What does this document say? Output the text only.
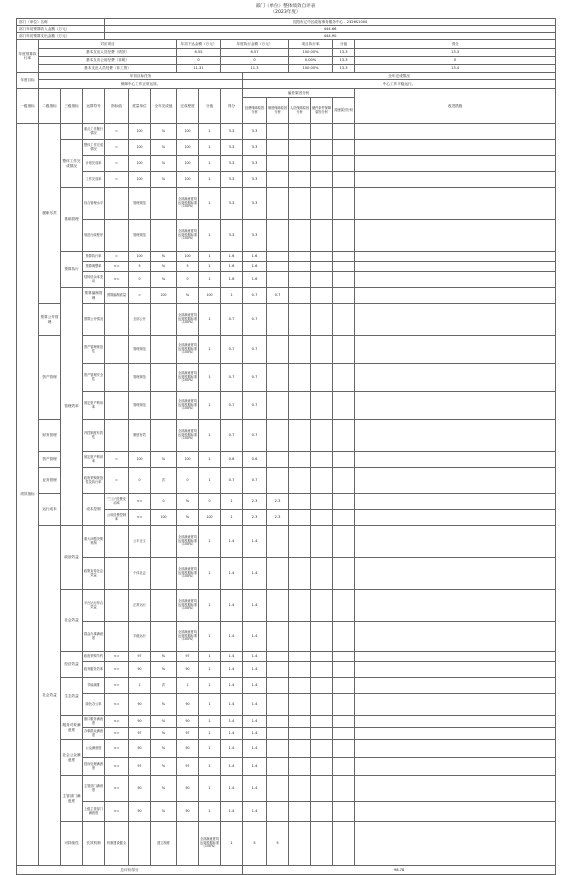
部门（单位）整体绩效自评表
（2023年度）
部门（单位）名称				沈阳市辽中区政府事务服务中心 - 2326S1000												
部门年初预算收入金额（万元）				444.66												
部门年初预算支出金额（万元）				444.90												
年度预算执行率	对应项目						年初下达金额（万元）		年度执行金额（万元）			项目执行率		分值	得分	
	基本支出人员经费（绩效）						6.55		6.57			100.00%		13.3	13.3	
	基本支出公用经费（非税）						0		0			0.00%		13.3	0	
	基本支出人员经费（非工资）						11.31		11.3			100.00%		13.3	13.4	
年度目标	年初目标任务									全年完成情况						
	保障中心工作正常运转。									中心工作平稳运行。						
一级指标	二级指标	三级指标	运算符号	指标值	度量单位	全年完成值	完成程度	分值	得分	偏差原因分析					改进措施	
										经费保障原因分析	制度保障原因分析	人员保障原因分析	硬件条件保障原因分析	其他原因分析		
绩效指标	履职尽责		重点工作履行情况	=	100	%	100	1	3.3	3.3						
		整体工作完成情况	整体工作完成情况	=	100	%	100	1	3.3	3.3						
			计划完成率	=	100	%	100	1	3.3	3.3						
			工作完成率	=	100	%	100	1	3.3	3.3						
		基础管理	综合管理水平		管理规范		全部满意度均达到预期标准（100%）	1	3.3	3.3						
			规范行政程序		管理规范		全部满意度均达到预期标准（100%）	1	3.3	3.3						
		预算执行	预算执行率	=	100	%	100	1	1.6	1.6						
			预算调整率	<=	5	%	5	1	1.6	1.6						
			结转结余率变动	<=	0	%	0	1	1.6	1.6						
		管理效率	预算编制管理	预算编制质量	=	100	%	100	1	0.7	0.7						
	预算公开管理		预算公开情况		全部公开		全部满意度均达到预期标准（100%）	1	0.7	0.7						
	资产管理		资产管理规范性		管理规范		全部满意度均达到预期标准（100%）	1	0.7	0.7						
			资产管理安全性		管理规范		全部满意度均达到预期标准（100%）	1	0.7	0.7						
			固定资产利用率		管理规范		全部满意度均达到预期标准（100%）	1	0.7	0.7						
	财务管理		内控制度有效性		制度有效		全部满意度均达到预期标准（100%）	1	0.7	0.7						
	资产管理		固定资产利用率	=	100	%	100	1	0.6	0.6						
	业务管理		政府采购规范性及执行率	=	0	次	0	1	0.7	0.7						
	运行成本		成本控制	"三公"经费变动率	<=	0	%	0	1	2.3	2.3						
				公用经费控制率	<=	100	%	100	1	2.3	2.3						
	社会效益	政治效益	重大问题决策机制		公平正义		全部满意度均达到预期标准（100%）	1	1.4	1.4						
			政策宣传社会效益		个体社会		全部满意度均达到预期标准（100%）	1	1.4	1.4						
		社会效益	平台运行综合效益		正常运行		全部满意度均达到预期标准（100%）	1	1.4	1.4						
			群众办事满意度		平稳运行		全部满意度均达到预期标准（100%）	1	1.4	1.4						
		经济效益	政府采购节约	<=	97	%	97	1	1.4	1.4						
			政务服务效率	<=	90	%	90	1	1.4	1.4						
		生态效益	节能减排	<=	1	次	1	1	1.4	1.4						
			绿色办公率	<=	90	%	90	1	1.4	1.4						
		服务对象满意度	窗口服务满意度	<=	90	%	90	1	1.4	1.4						
			办事群众满意度	<=	97	%	97	1	1.4	1.4						
		社会公众满意度	公众满意度	<=	90	%	90	1	1.4	1.4						
			投诉处理满意度	<=	97	%	97	1	1.4	1.4						
		主管部门满意度	主管部门满意度	<=	90	%	90	1	1.4	1.4						
			上级主管部门满意度	<=	90	%	90	1	1.4	1.4						
		可持续性	长效机制	机制建设健全		建立制度		全部满意度均达到预期标准（100%）	1	5	5						
总评价得分										98.78						
